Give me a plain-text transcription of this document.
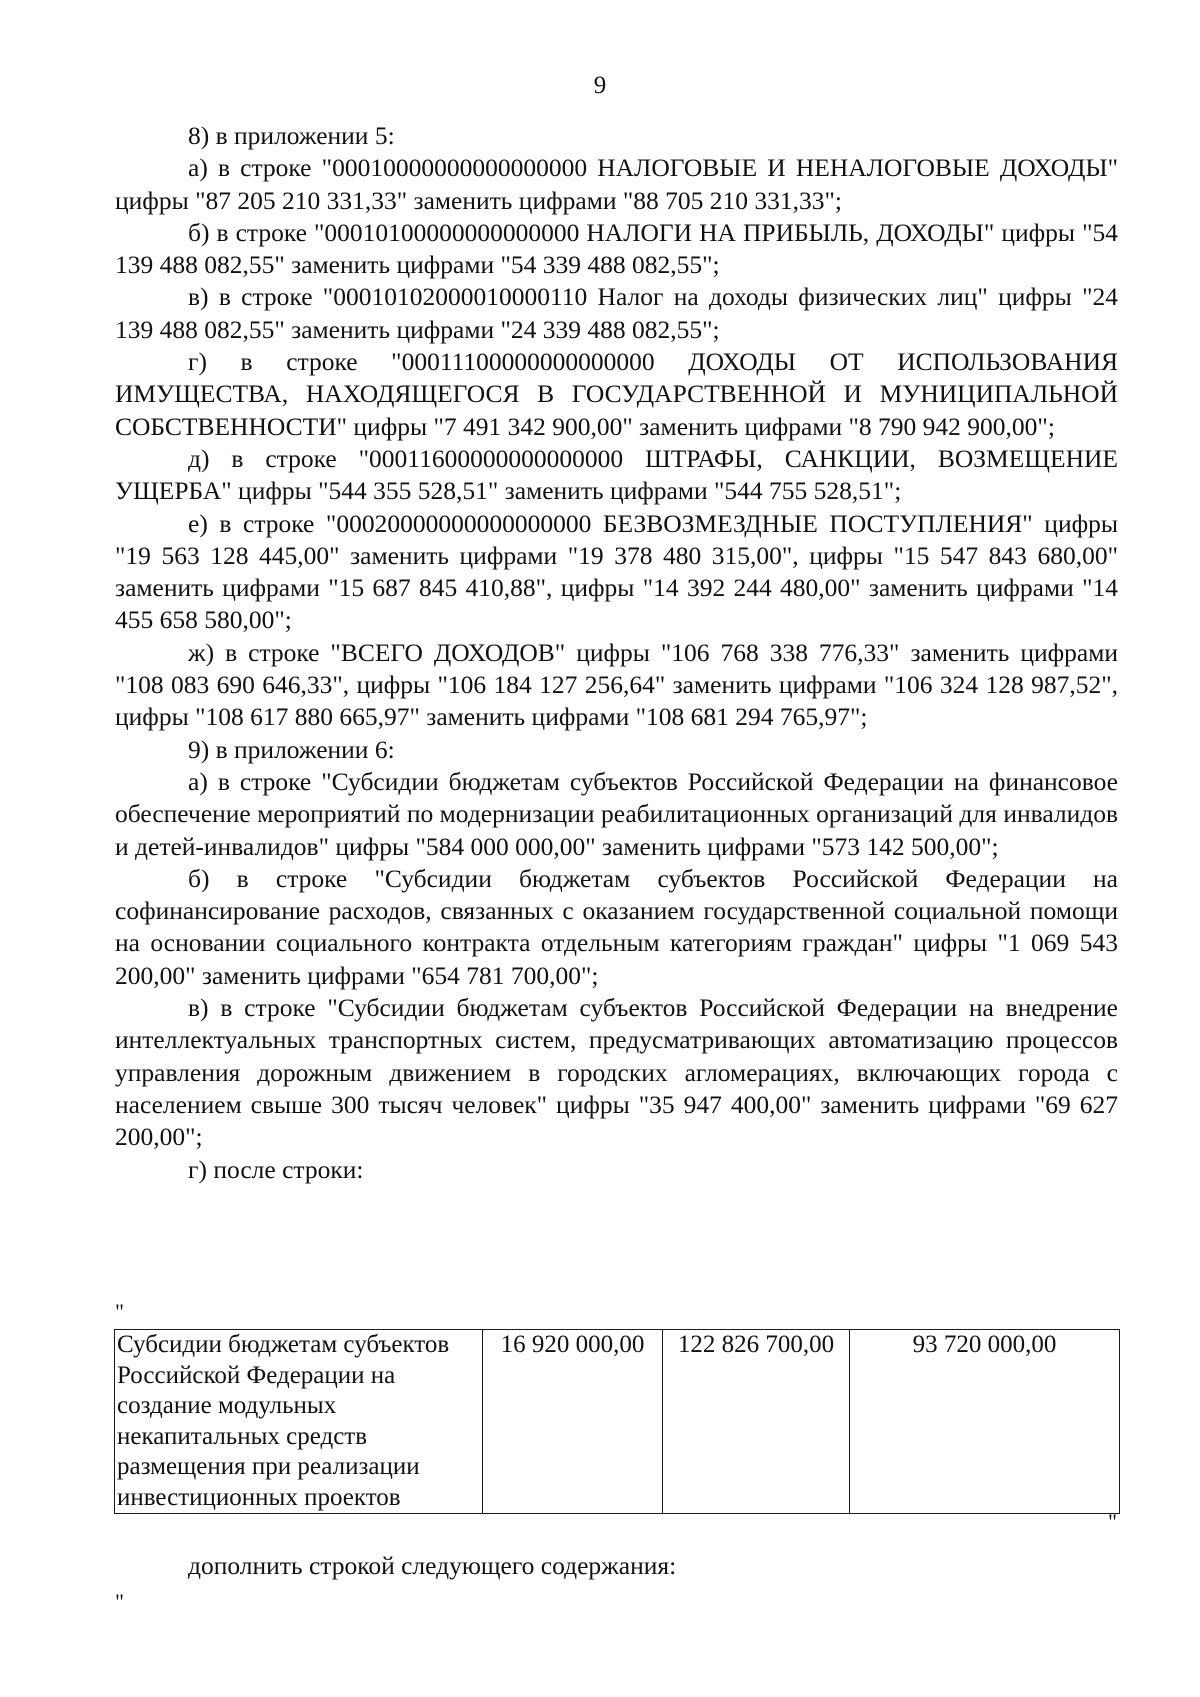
9

8) в приложении 5:

а) в строке "00010000000000000000 НАЛОГОВЫЕ И НЕНАЛОГОВЫЕ ДОХОДЫ" цифры "87 205 210 331,33" заменить цифрами "88 705 210 331,33";

б) в строке "00010100000000000000 НАЛОГИ НА ПРИБЫЛЬ, ДОХОДЫ" цифры "54 139 488 082,55" заменить цифрами "54 339 488 082,55";

в) в строке "00010102000010000110 Налог на доходы физических лиц" цифры "24 139 488 082,55" заменить цифрами "24 339 488 082,55";

г) в строке "00011100000000000000 ДОХОДЫ ОТ ИСПОЛЬЗОВАНИЯ ИМУЩЕСТВА, НАХОДЯЩЕГОСЯ В ГОСУДАРСТВЕННОЙ И МУНИЦИПАЛЬНОЙ СОБСТВЕННОСТИ" цифры "7 491 342 900,00" заменить цифрами "8 790 942 900,00";

д) в строке "00011600000000000000 ШТРАФЫ, САНКЦИИ, ВОЗМЕЩЕНИЕ УЩЕРБА" цифры "544 355 528,51" заменить цифрами "544 755 528,51";

е) в строке "00020000000000000000 БЕЗВОЗМЕЗДНЫЕ ПОСТУПЛЕНИЯ" цифры "19 563 128 445,00" заменить цифрами "19 378 480 315,00", цифры "15 547 843 680,00" заменить цифрами "15 687 845 410,88", цифры "14 392 244 480,00" заменить цифрами "14 455 658 580,00";

ж) в строке "ВСЕГО ДОХОДОВ" цифры "106 768 338 776,33" заменить цифрами "108 083 690 646,33", цифры "106 184 127 256,64" заменить цифрами "106 324 128 987,52", цифры "108 617 880 665,97" заменить цифрами "108 681 294 765,97";

9) в приложении 6:

а) в строке "Субсидии бюджетам субъектов Российской Федерации на финансовое обеспечение мероприятий по модернизации реабилитационных организаций для инвалидов и детей-инвалидов" цифры "584 000 000,00" заменить цифрами "573 142 500,00";

б) в строке "Субсидии бюджетам субъектов Российской Федерации на софинансирование расходов, связанных с оказанием государственной социальной помощи на основании социального контракта отдельным категориям граждан" цифры "1 069 543 200,00" заменить цифрами "654 781 700,00";

в) в строке "Субсидии бюджетам субъектов Российской Федерации на внедрение интеллектуальных транспортных систем, предусматривающих автоматизацию процессов управления дорожным движением в городских агломерациях, включающих города с населением свыше 300 тысяч человек" цифры "35 947 400,00" заменить цифрами "69 627 200,00";

г) после строки:

"
Субсидии бюджетам субъектов
Российской Федерации на
создание модульных
некапитальных средств
размещения при реализации
инвестиционных проектов
	16 920 000,00	122 826 700,00	93 720 000,00
"
дополнить строкой следующего содержания:
"
